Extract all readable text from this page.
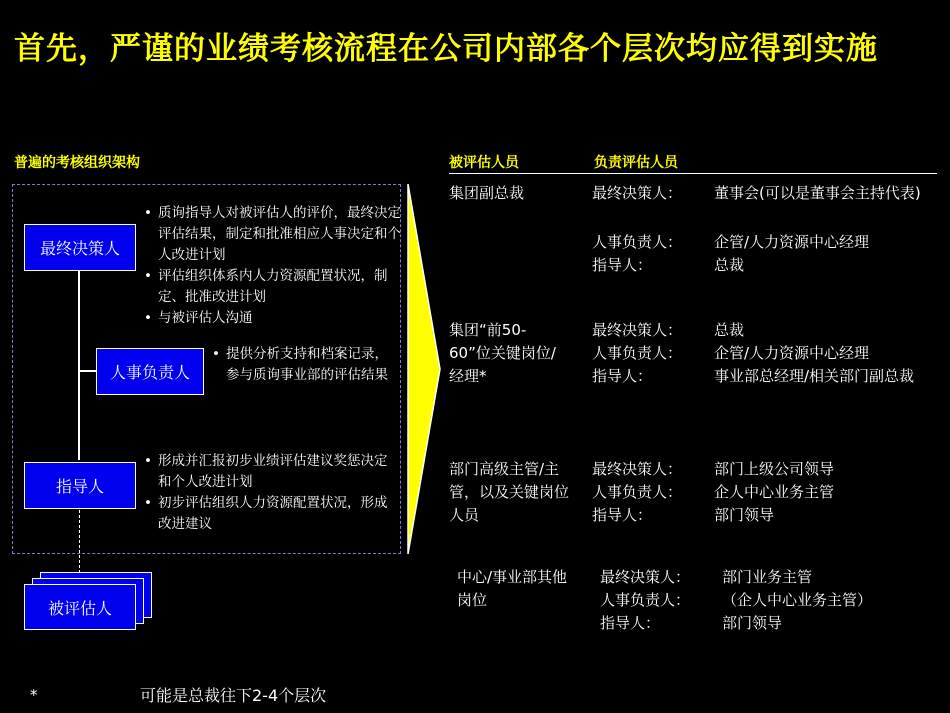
首先，严谨的业绩考核流程在公司内部各个层次均应得到实施
普遍的考核组织架构
最终决策人
人事负责人
指导人
被评估人
• 质询指导人对被评估人的评价，最终决定评估结果，制定和批准相应人事决定和个人改进计划
• 评估组织体系内人力资源配置状况，制定、批准改进计划
• 与被评估人沟通
• 提供分析支持和档案记录，参与质询事业部的评估结果
• 形成并汇报初步业绩评估建议奖惩决定和个人改进计划
• 初步评估组织人力资源配置状况，形成改进建议
被评估人员	负责评估人员
集团副总裁	最终决策人：	董事会(可以是董事会主持代表)
人事负责人：	企管/人力资源中心经理
指导人：	总裁
集团“前50-60”位关键岗位/经理*
最终决策人：	总裁
人事负责人：	企管/人力资源中心经理
指导人：	事业部总经理/相关部门副总裁
部门高级主管/主管，以及关键岗位人员
最终决策人：	部门上级公司领导
人事负责人：	企人中心业务主管
指导人：	部门领导
中心/事业部其他岗位
最终决策人：	部门业务主管
人事负责人：	（企人中心业务主管）
指导人：	部门领导
*	可能是总裁往下2-4个层次
